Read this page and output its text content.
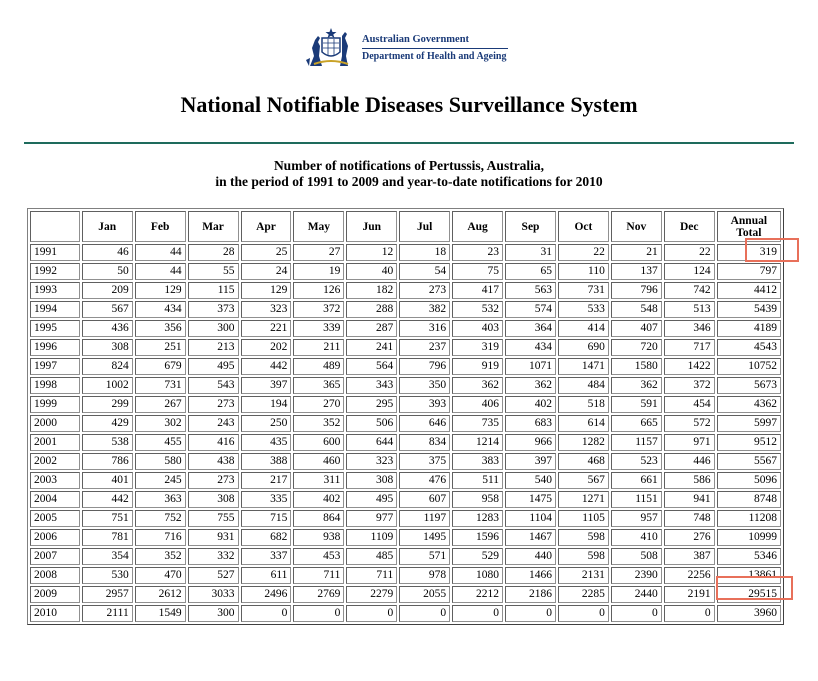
Australian Government
Department of Health and Ageing
National Notifiable Diseases Surveillance System
Number of notifications of Pertussis, Australia,
in the period of 1991 to 2009 and year-to-date notifications for 2010
	Jan	Feb	Mar	Apr	May	Jun	Jul	Aug	Sep	Oct	Nov	Dec	Annual Total
1991	46	44	28	25	27	12	18	23	31	22	21	22	319
1992	50	44	55	24	19	40	54	75	65	110	137	124	797
1993	209	129	115	129	126	182	273	417	563	731	796	742	4412
1994	567	434	373	323	372	288	382	532	574	533	548	513	5439
1995	436	356	300	221	339	287	316	403	364	414	407	346	4189
1996	308	251	213	202	211	241	237	319	434	690	720	717	4543
1997	824	679	495	442	489	564	796	919	1071	1471	1580	1422	10752
1998	1002	731	543	397	365	343	350	362	362	484	362	372	5673
1999	299	267	273	194	270	295	393	406	402	518	591	454	4362
2000	429	302	243	250	352	506	646	735	683	614	665	572	5997
2001	538	455	416	435	600	644	834	1214	966	1282	1157	971	9512
2002	786	580	438	388	460	323	375	383	397	468	523	446	5567
2003	401	245	273	217	311	308	476	511	540	567	661	586	5096
2004	442	363	308	335	402	495	607	958	1475	1271	1151	941	8748
2005	751	752	755	715	864	977	1197	1283	1104	1105	957	748	11208
2006	781	716	931	682	938	1109	1495	1596	1467	598	410	276	10999
2007	354	352	332	337	453	485	571	529	440	598	508	387	5346
2008	530	470	527	611	711	711	978	1080	1466	2131	2390	2256	13861
2009	2957	2612	3033	2496	2769	2279	2055	2212	2186	2285	2440	2191	29515
2010	2111	1549	300	0	0	0	0	0	0	0	0	0	3960
